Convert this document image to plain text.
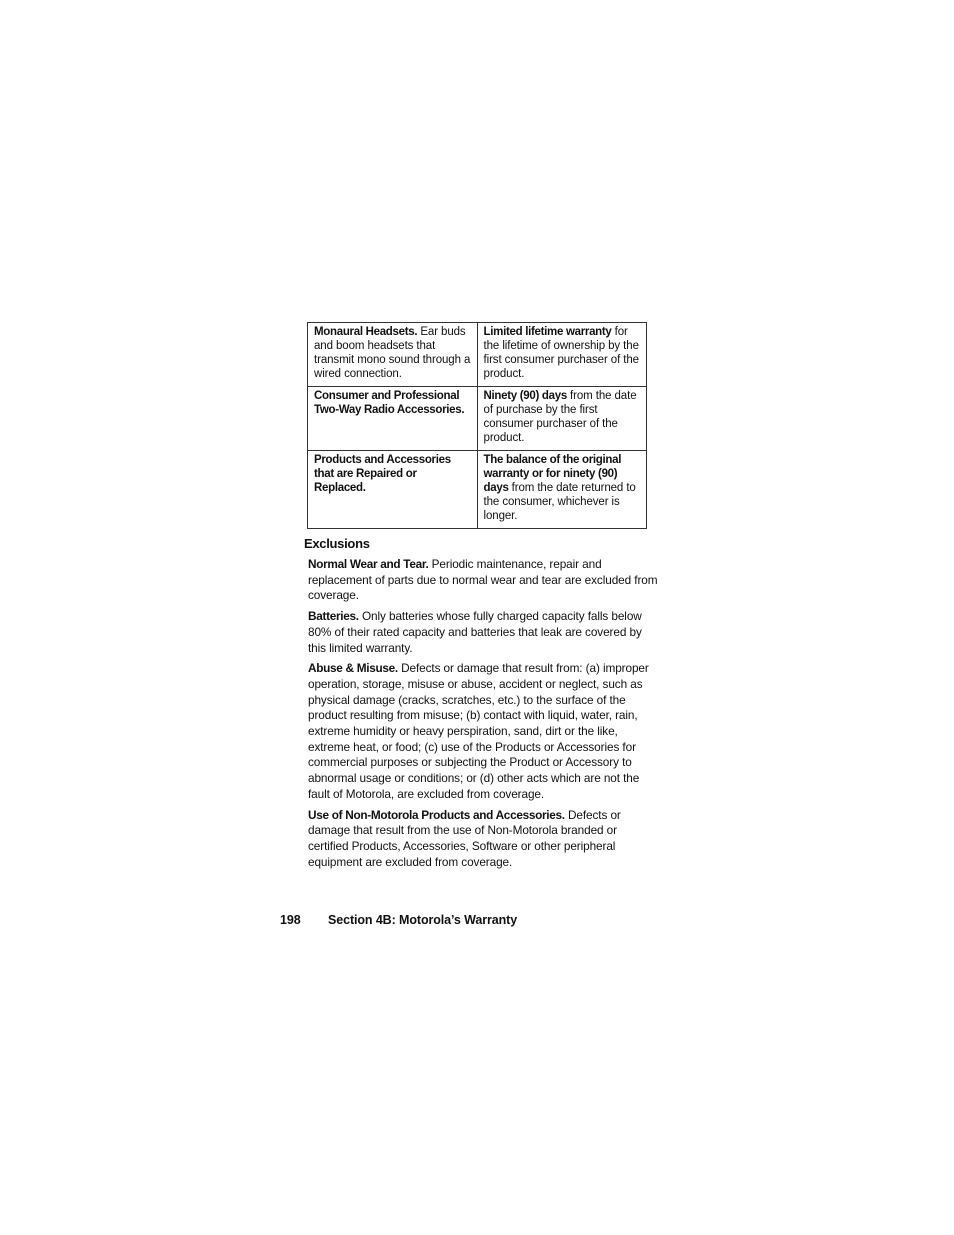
Monaural Headsets. Ear buds and boom headsets that transmit mono sound through a wired connection.	Limited lifetime warranty for the lifetime of ownership by the first consumer purchaser of the product.
Consumer and Professional Two-Way Radio Accessories.	Ninety (90) days from the date of purchase by the first consumer purchaser of the product.
Products and Accessories that are Repaired or Replaced.	The balance of the original warranty or for ninety (90) days from the date returned to the consumer, whichever is longer.
Exclusions

Normal Wear and Tear. Periodic maintenance, repair and replacement of parts due to normal wear and tear are excluded from coverage.

Batteries. Only batteries whose fully charged capacity falls below 80% of their rated capacity and batteries that leak are covered by this limited warranty.

Abuse & Misuse. Defects or damage that result from: (a) improper operation, storage, misuse or abuse, accident or neglect, such as physical damage (cracks, scratches, etc.) to the surface of the product resulting from misuse; (b) contact with liquid, water, rain, extreme humidity or heavy perspiration, sand, dirt or the like, extreme heat, or food; (c) use of the Products or Accessories for commercial purposes or subjecting the Product or Accessory to abnormal usage or conditions; or (d) other acts which are not the fault of Motorola, are excluded from coverage.

Use of Non-Motorola Products and Accessories. Defects or damage that result from the use of Non-Motorola branded or certified Products, Accessories, Software or other peripheral equipment are excluded from coverage.

198 Section 4B: Motorola’s Warranty
